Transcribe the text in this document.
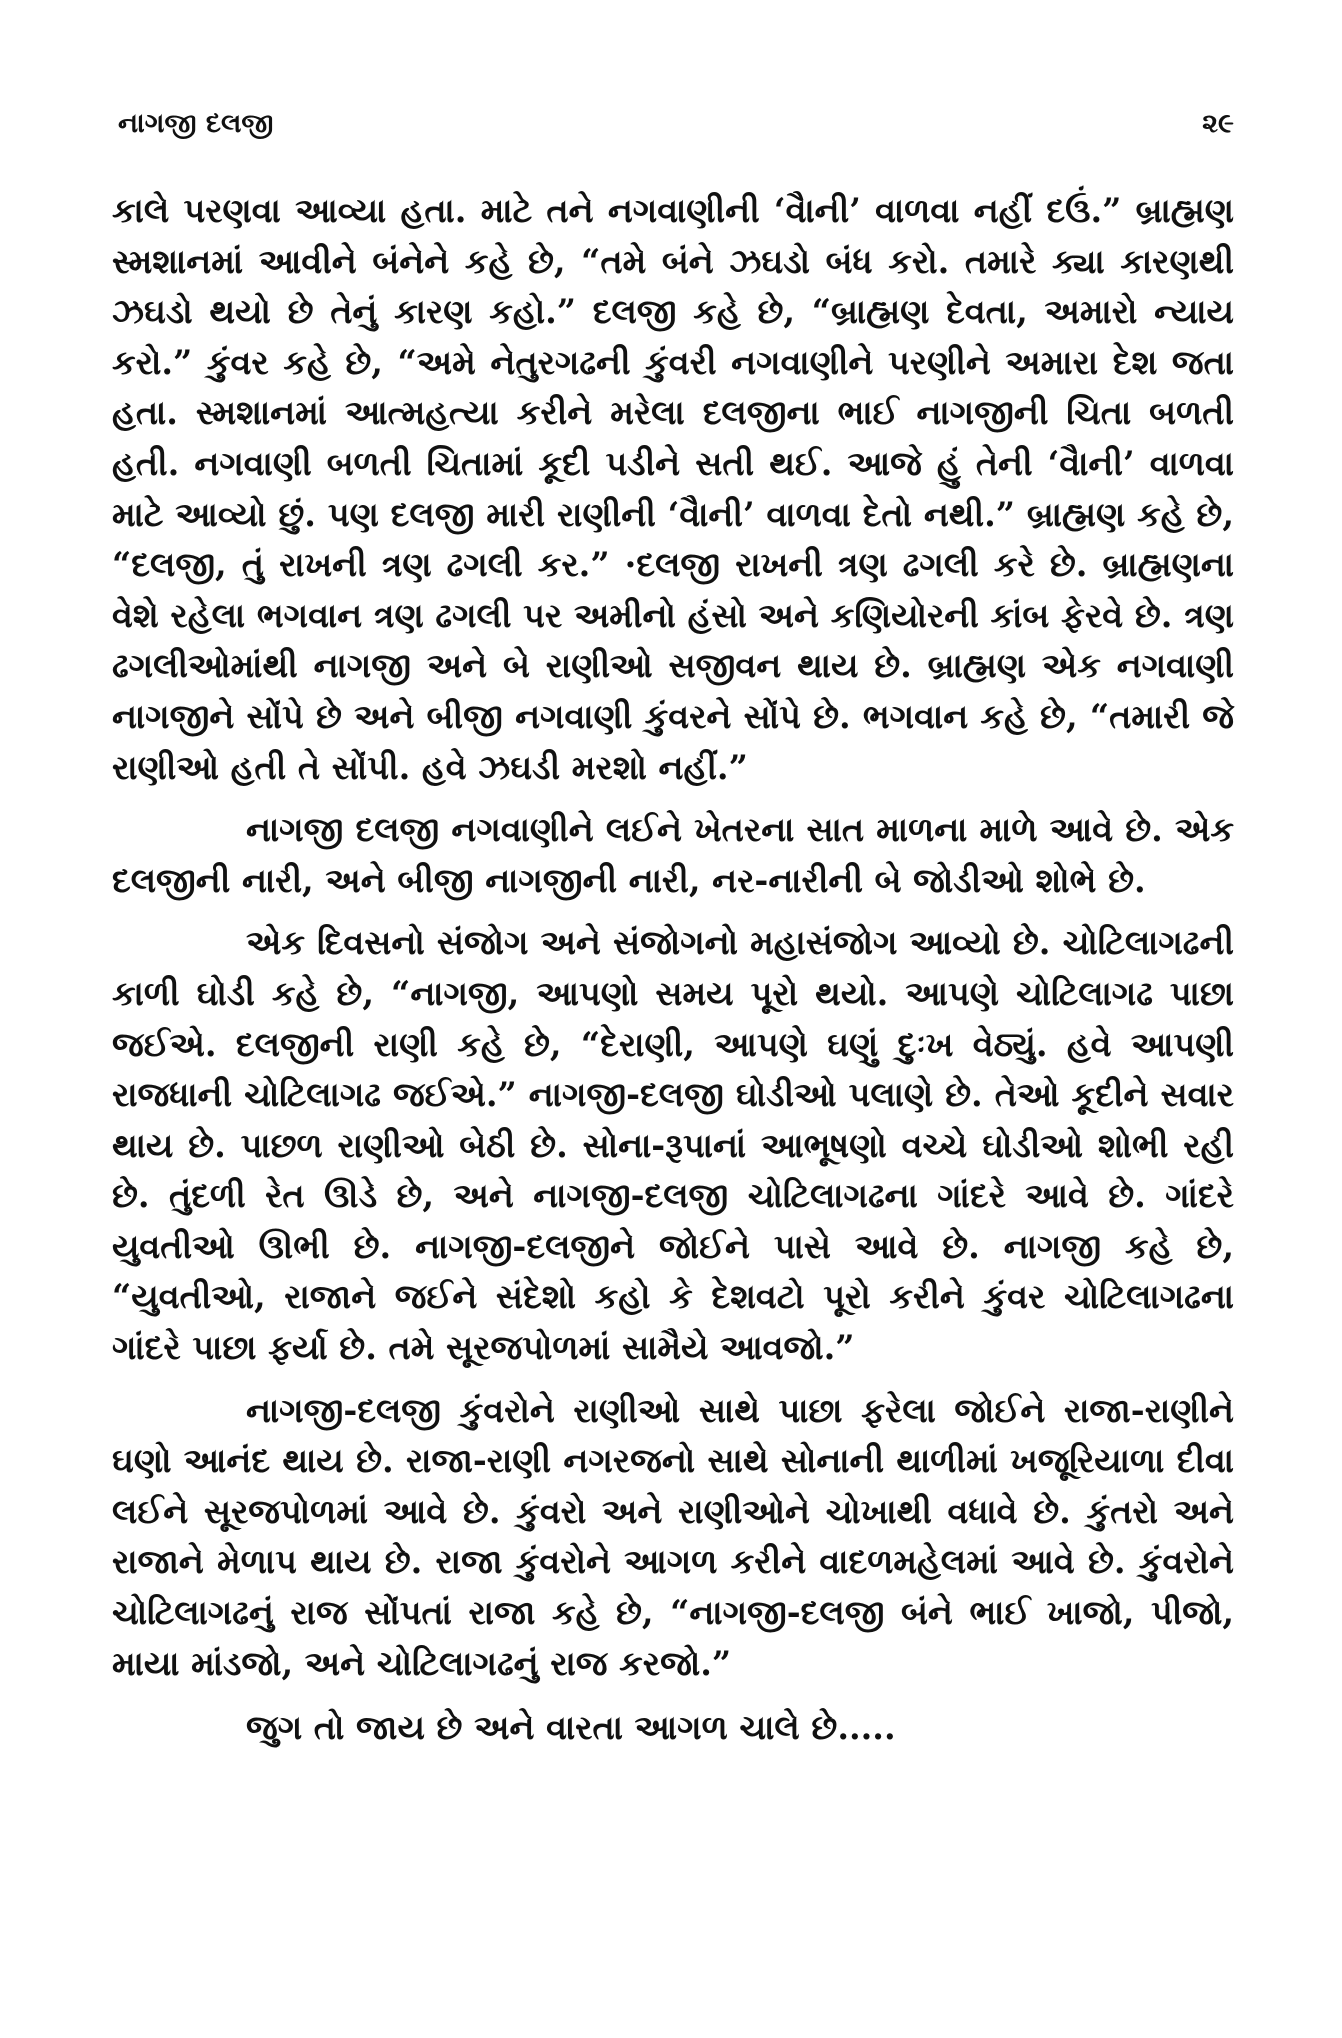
નાગજી દલજી	૨૯

કાલે પરણવા આવ્યા હતા. માટે તને નગવાણીની ‘વૈાની’ વાળવા નહીં દઉં.” બ્રાહ્મણ સ્મશાનમાં આવીને બંનેને કહે છે, “તમે બંને ઝઘડો બંધ કરો. તમારે ક્યા કારણથી ઝઘડો થયો છે તેનું કારણ કહો.” દલજી કહે છે, “બ્રાહ્મણ દેવતા, અમારો ન્યાય કરો.” કુંવર કહે છે, “અમે નેતુરગઢની કુંવરી નગવાણીને પરણીને અમારા દેશ જતા હતા. સ્મશાનમાં આત્મહત્યા કરીને મરેલા દલજીના ભાઈ નાગજીની ચિતા બળતી હતી. નગવાણી બળતી ચિતામાં કૂદી પડીને સતી થઈ. આજે હું તેની ‘વૈાની’ વાળવા માટે આવ્યો છું. પણ દલજી મારી રાણીની ‘વૈાની’ વાળવા દેતો નથી.” બ્રાહ્મણ કહે છે, “દલજી, તું રાખની ત્રણ ઢગલી કર.” ·દલજી રાખની ત્રણ ઢગલી કરે છે. બ્રાહ્મણના વેશે રહેલા ભગવાન ત્રણ ઢગલી પર અમીનો હંસો અને કણિયોરની કાંબ ફેરવે છે. ત્રણ ઢગલીઓમાંથી નાગજી અને બે રાણીઓ સજીવન થાય છે. બ્રાહ્મણ એક નગવાણી નાગજીને સોંપે છે અને બીજી નગવાણી કુંવરને સોંપે છે. ભગવાન કહે છે, “તમારી જે રાણીઓ હતી તે સોંપી. હવે ઝઘડી મરશો નહીં.”

નાગજી દલજી નગવાણીને લઈને ખેતરના સાત માળના માળે આવે છે. એક દલજીની નારી, અને બીજી નાગજીની નારી, નર-નારીની બે જોડીઓ શોભે છે.

એક દિવસનો સંજોગ અને સંજોગનો મહાસંજોગ આવ્યો છે. ચોટિલાગઢની કાળી ઘોડી કહે છે, “નાગજી, આપણો સમય પૂરો થયો. આપણે ચોટિલાગઢ પાછા જઈએ. દલજીની રાણી કહે છે, “દેરાણી, આપણે ઘણું દુઃખ વેઠ્યું. હવે આપણી રાજધાની ચોટિલાગઢ જઈએ.” નાગજી-દલજી ઘોડીઓ પલાણે છે. તેઓ કૂદીને સવાર થાય છે. પાછળ રાણીઓ બેઠી છે. સોના-રૂપાનાં આભૂષણો વચ્ચે ઘોડીઓ શોભી રહી છે. તુંદળી રેત ઊડે છે, અને નાગજી-દલજી ચોટિલાગઢના ગાંદરે આવે છે. ગાંદરે યુવતીઓ ઊભી છે. નાગજી-દલજીને જોઈને પાસે આવે છે. નાગજી કહે છે, “યુવતીઓ, રાજાને જઈને સંદેશો કહો કે દેશવટો પૂરો કરીને કુંવર ચોટિલાગઢના ગાંદરે પાછા ફર્યા છે. તમે સૂરજપોળમાં સામૈયે આવજો.”

નાગજી-દલજી કુંવરોને રાણીઓ સાથે પાછા ફરેલા જોઈને રાજા-રાણીને ઘણો આનંદ થાય છે. રાજા-રાણી નગરજનો સાથે સોનાની થાળીમાં ખજૂરિયાળા દીવા લઈને સૂરજપોળમાં આવે છે. કુંવરો અને રાણીઓને ચોખાથી વધાવે છે. કુંતરો અને રાજાને મેળાપ થાય છે. રાજા કુંવરોને આગળ કરીને વાદળમહેલમાં આવે છે. કુંવરોને ચોટિલાગઢનું રાજ સોંપતાં રાજા કહે છે, “નાગજી-દલજી બંને ભાઈ ખાજો, પીજો, માયા માંડજો, અને ચોટિલાગઢનું રાજ કરજો.”

જુગ તો જાય છે અને વારતા આગળ ચાલે છે.....
